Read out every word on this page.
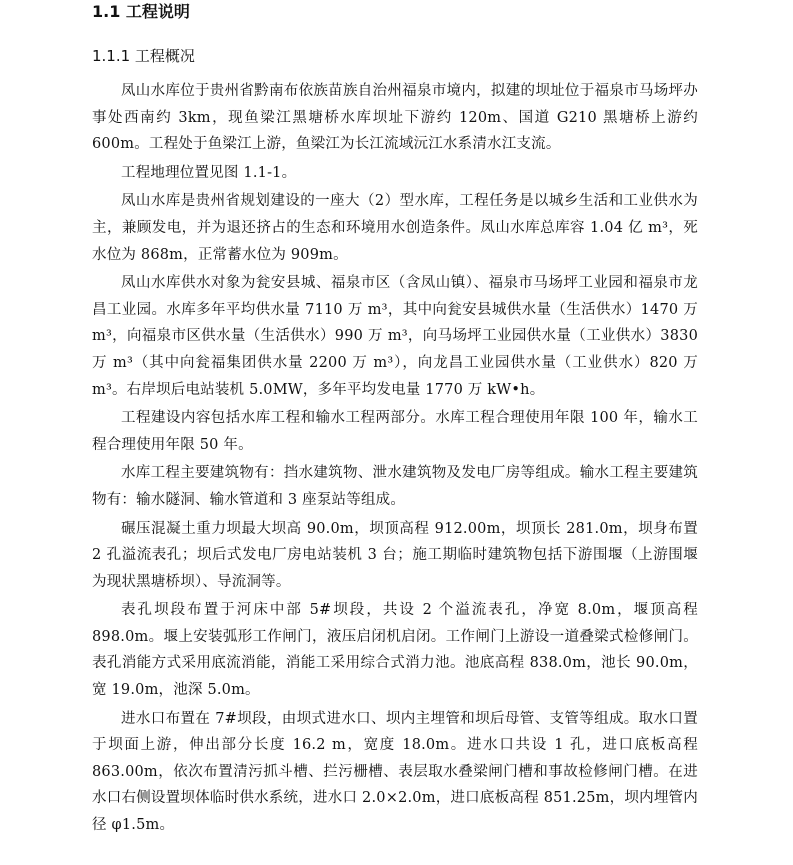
1.1 工程说明
1.1.1 工程概况

凤山水库位于贵州省黔南布依族苗族自治州福泉市境内，拟建的坝址位于福泉市马场坪办事处西南约 3km，现鱼梁江黑塘桥水库坝址下游约 120m、国道 G210 黑塘桥上游约 600m。工程处于鱼梁江上游，鱼梁江为长江流域沅江水系清水江支流。

工程地理位置见图 1.1-1。

凤山水库是贵州省规划建设的一座大（2）型水库，工程任务是以城乡生活和工业供水为主，兼顾发电，并为退还挤占的生态和环境用水创造条件。凤山水库总库容 1.04 亿 m³，死水位为 868m，正常蓄水位为 909m。

凤山水库供水对象为瓮安县城、福泉市区（含凤山镇）、福泉市马场坪工业园和福泉市龙昌工业园。水库多年平均供水量 7110 万 m³，其中向瓮安县城供水量（生活供水）1470 万 m³，向福泉市区供水量（生活供水）990 万 m³，向马场坪工业园供水量（工业供水）3830 万 m³（其中向瓮福集团供水量 2200 万 m³），向龙昌工业园供水量（工业供水）820 万 m³。右岸坝后电站装机 5.0MW，多年平均发电量 1770 万 kW•h。

工程建设内容包括水库工程和输水工程两部分。水库工程合理使用年限 100 年，输水工程合理使用年限 50 年。

水库工程主要建筑物有：挡水建筑物、泄水建筑物及发电厂房等组成。输水工程主要建筑物有：输水隧洞、输水管道和 3 座泵站等组成。

碾压混凝土重力坝最大坝高 90.0m，坝顶高程 912.00m，坝顶长 281.0m，坝身布置 2 孔溢流表孔；坝后式发电厂房电站装机 3 台；施工期临时建筑物包括下游围堰（上游围堰为现状黑塘桥坝）、导流洞等。

表孔坝段布置于河床中部 5#坝段，共设 2 个溢流表孔，净宽 8.0m，堰顶高程 898.0m。堰上安装弧形工作闸门，液压启闭机启闭。工作闸门上游设一道叠梁式检修闸门。表孔消能方式采用底流消能，消能工采用综合式消力池。池底高程 838.0m，池长 90.0m，宽 19.0m，池深 5.0m。

进水口布置在 7#坝段，由坝式进水口、坝内主埋管和坝后母管、支管等组成。取水口置于坝面上游，伸出部分长度 16.2 m，宽度 18.0m。进水口共设 1 孔，进口底板高程 863.00m，依次布置清污抓斗槽、拦污栅槽、表层取水叠梁闸门槽和事故检修闸门槽。在进水口右侧设置坝体临时供水系统，进水口 2.0×2.0m，进口底板高程 851.25m，坝内埋管内径 φ1.5m。
